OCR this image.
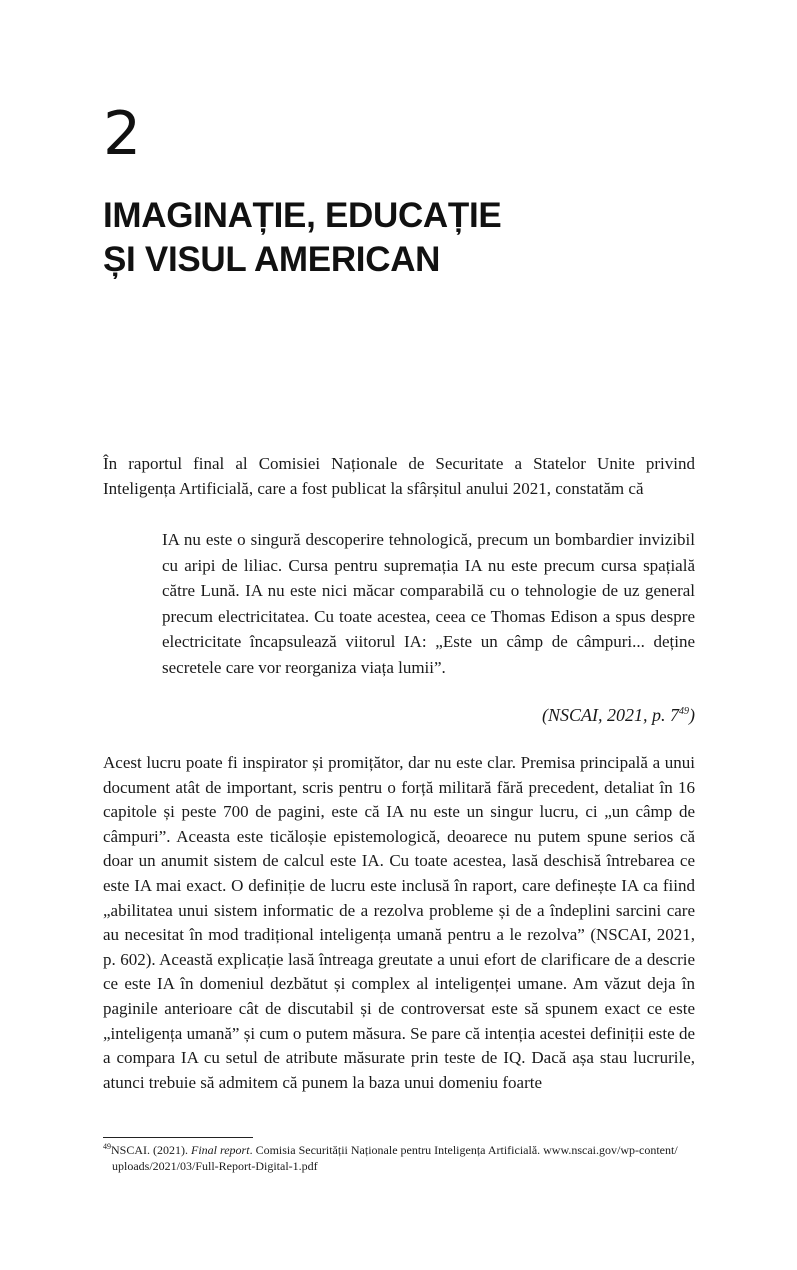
2
IMAGINAȚIE, EDUCAȚIE
ȘI VISUL AMERICAN

În raportul final al Comisiei Naționale de Securitate a Statelor Unite privind Inteligența Artificială, care a fost publicat la sfârșitul anului 2021, constatăm că

IA nu este o singură descoperire tehnologică, precum un bombardier invizibil cu aripi de liliac. Cursa pentru supremația IA nu este precum cursa spațială către Lună. IA nu este nici măcar comparabilă cu o tehnologie de uz general precum electricitatea. Cu toate acestea, ceea ce Thomas Edison a spus despre electricitate încapsulează viitorul IA: „Este un câmp de câmpuri... deține secretele care vor reorganiza viața lumii”.

(NSCAI, 2021, p. $7^{49}$)

Acest lucru poate fi inspirator și promițător, dar nu este clar. Premisa principală a unui document atât de important, scris pentru o forță militară fără precedent, detaliat în 16 capitole și peste 700 de pagini, este că IA nu este un singur lucru, ci „un câmp de câmpuri”. Aceasta este ticăloșie epistemologică, deoarece nu putem spune serios că doar un anumit sistem de calcul este IA. Cu toate acestea, lasă deschisă întrebarea ce este IA mai exact. O definiție de lucru este inclusă în raport, care definește IA ca fiind „abilitatea unui sistem informatic de a rezolva probleme și de a îndeplini sarcini care au necesitat în mod tradițional inteligența umană pentru a le rezolva” (NSCAI, 2021, p. 602). Această explicație lasă întreaga greutate a unui efort de clarificare de a descrie ce este IA în domeniul dezbătut și complex al inteligenței umane. Am văzut deja în paginile anterioare cât de discutabil și de controversat este să spunem exact ce este „inteligența umană” și cum o putem măsura. Se pare că intenția acestei definiții este de a compara IA cu setul de atribute măsurate prin teste de IQ. Dacă așa stau lucrurile, atunci trebuie să admitem că punem la baza unui domeniu foarte

$^{49}$NSCAI. (2021). Final report. Comisia Securității Naționale pentru Inteligența Artificială. www.nscai.gov/wp-content/
uploads/2021/03/Full-Report-Digital-1.pdf
